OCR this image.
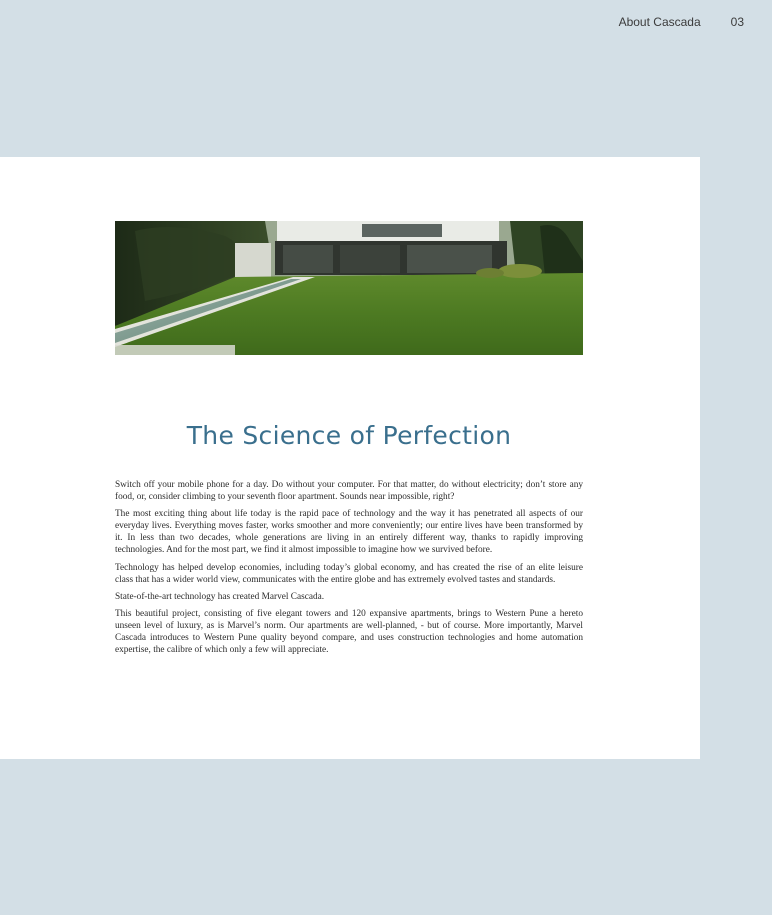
About Cascada	03
The Science of Perfection

Switch off your mobile phone for a day. Do without your computer. For that matter, do without electricity; don’t store any food, or, consider climbing to your seventh floor apartment. Sounds near impossible, right?

The most exciting thing about life today is the rapid pace of technology and the way it has penetrated all aspects of our everyday lives. Everything moves faster, works smoother and more conveniently; our entire lives have been transformed by it. In less than two decades, whole generations are living in an entirely different way, thanks to rapidly improving technologies. And for the most part, we find it almost impossible to imagine how we survived before.

Technology has helped develop economies, including today’s global economy, and has created the rise of an elite leisure class that has a wider world view, communicates with the entire globe and has extremely evolved tastes and standards.

State-of-the-art technology has created Marvel Cascada.

This beautiful project, consisting of five elegant towers and 120 expansive apartments, brings to Western Pune a hereto unseen level of luxury, as is Marvel’s norm. Our apartments are well-planned, - but of course. More importantly, Marvel Cascada introduces to Western Pune quality beyond compare, and uses construction technologies and home automation expertise, the calibre of which only a few will appreciate.
